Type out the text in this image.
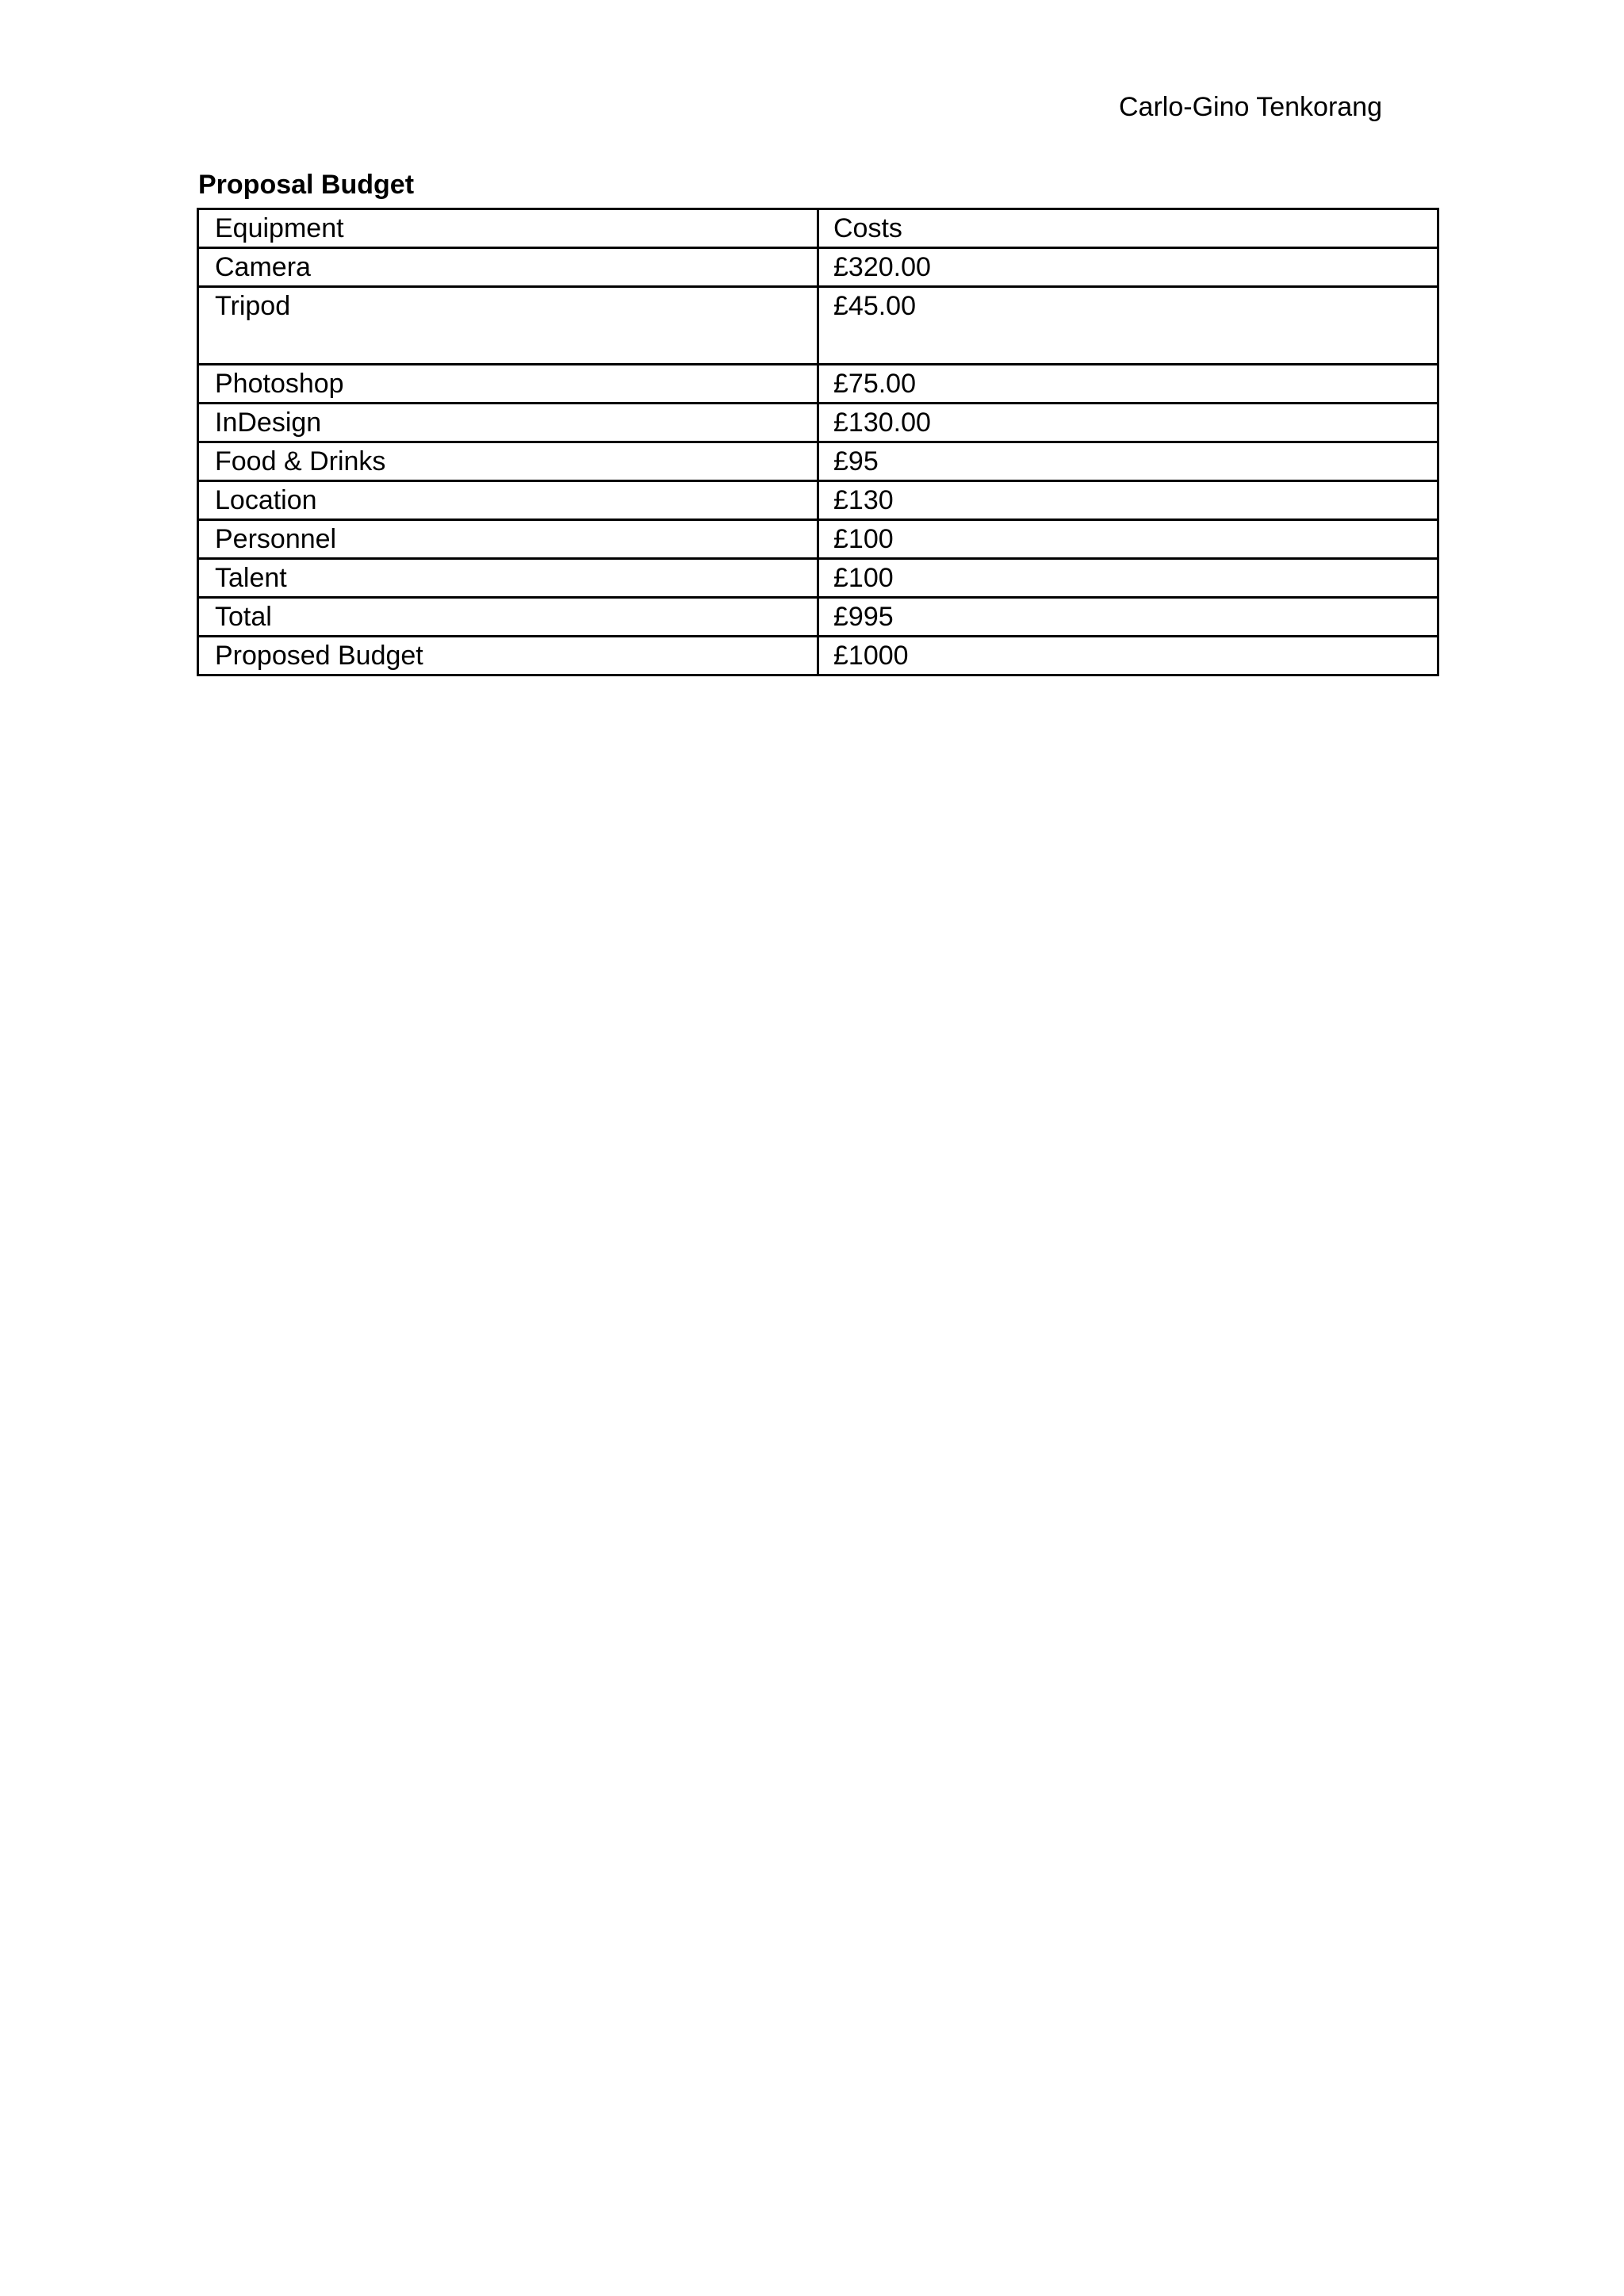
Carlo-Gino Tenkorang
Proposal Budget
Equipment	Costs
Camera	£320.00
Tripod	£45.00
Photoshop	£75.00
InDesign	£130.00
Food & Drinks	£95
Location	£130
Personnel	£100
Talent	£100
Total	£995
Proposed Budget	£1000
